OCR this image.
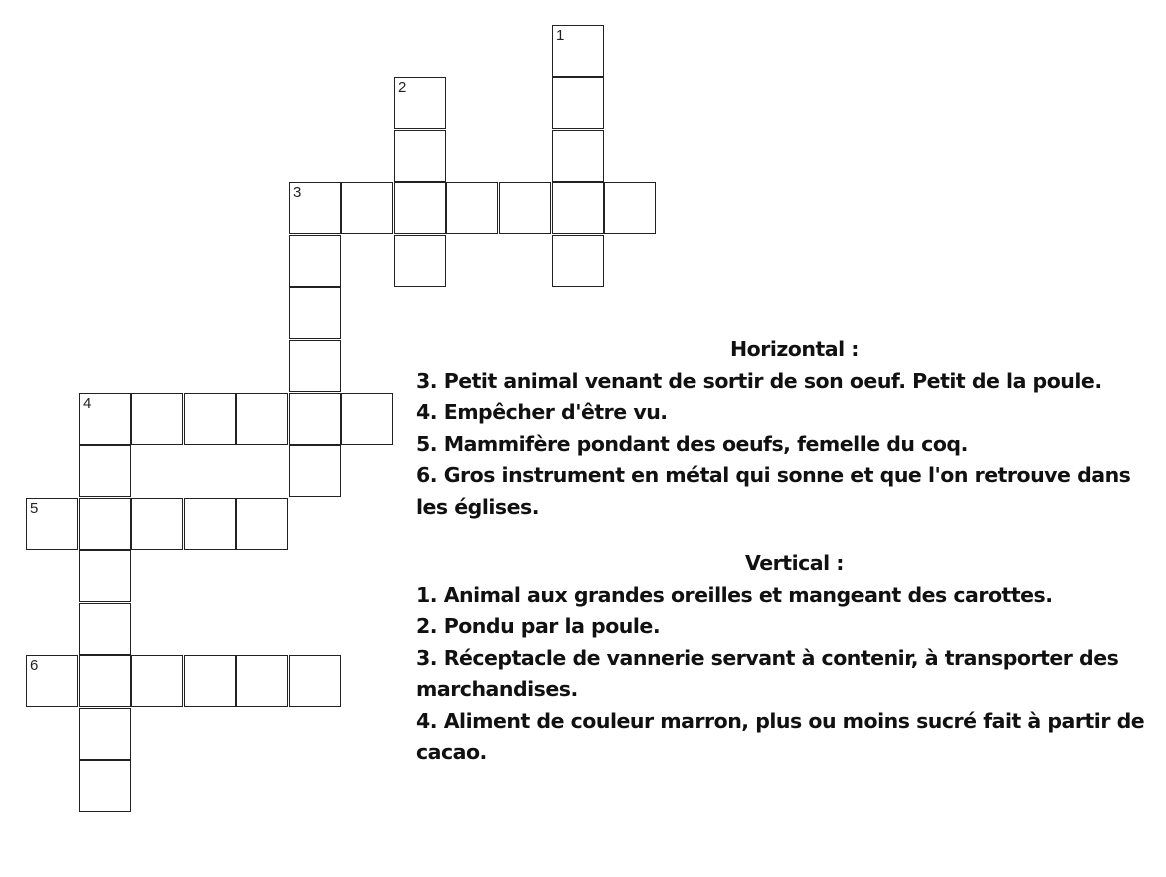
1
2
3
4
5
6
Horizontal :
3. Petit animal venant de sortir de son oeuf. Petit de la poule.
4. Empêcher d'être vu.
5. Mammifère pondant des oeufs, femelle du coq.
6. Gros instrument en métal qui sonne et que l'on retrouve dans les églises.
Vertical :
1. Animal aux grandes oreilles et mangeant des carottes.
2. Pondu par la poule.
3. Réceptacle de vannerie servant à contenir, à transporter des marchandises.
4. Aliment de couleur marron, plus ou moins sucré fait à partir de cacao.
